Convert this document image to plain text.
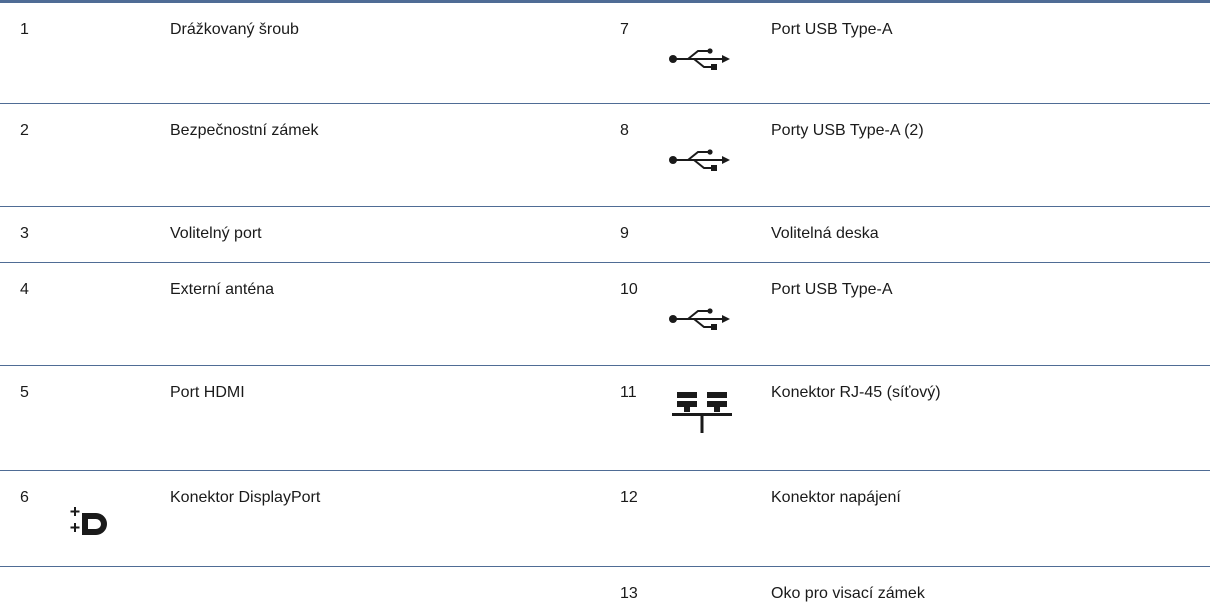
1	Drážkovaný šroub	7	Port USB Type-A
2	Bezpečnostní zámek	8	Porty USB Type-A (2)
3	Volitelný port	9	Volitelná deska
4	Externí anténa	10	Port USB Type-A
5	Port HDMI	11	Konektor RJ-45 (síťový)
6	Konektor DisplayPort	12	Konektor napájení
13	Oko pro visací zámek
